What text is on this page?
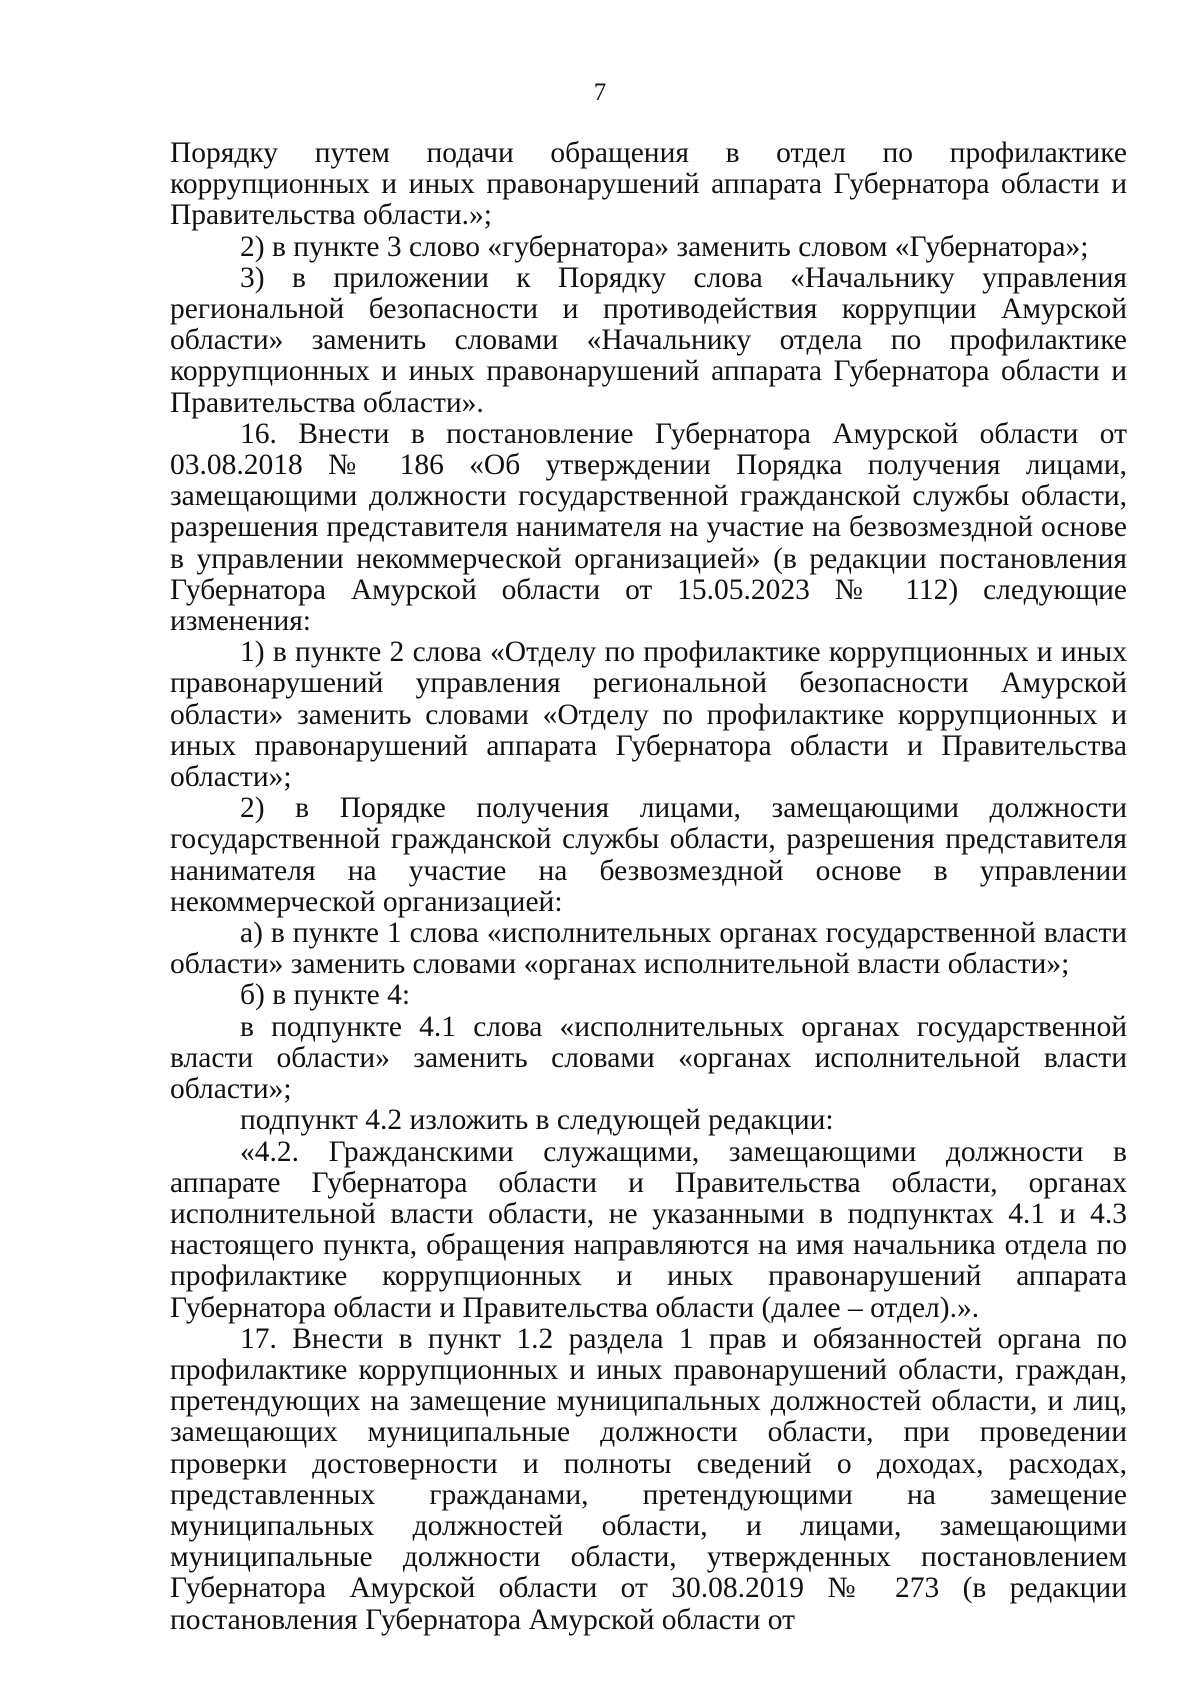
7

Порядку путем подачи обращения в отдел по профилактике коррупционных и иных правонарушений аппарата Губернатора области и Правительства области.»;

2) в пункте 3 слово «губернатора» заменить словом «Губернатора»;

3) в приложении к Порядку слова «Начальнику управления региональной безопасности и противодействия коррупции Амурской области» заменить словами «Начальнику отдела по профилактике коррупционных и иных правонарушений аппарата Губернатора области и Правительства области».

16. Внести в постановление Губернатора Амурской области от 03.08.2018 № 186 «Об утверждении Порядка получения лицами, замещающими должности государственной гражданской службы области, разрешения представителя нанимателя на участие на безвозмездной основе в управлении некоммерческой организацией» (в редакции постановления Губернатора Амурской области от 15.05.2023 № 112) следующие изменения:

1) в пункте 2 слова «Отделу по профилактике коррупционных и иных правонарушений управления региональной безопасности Амурской области» заменить словами «Отделу по профилактике коррупционных и иных правонарушений аппарата Губернатора области и Правительства области»;

2) в Порядке получения лицами, замещающими должности государственной гражданской службы области, разрешения представителя нанимателя на участие на безвозмездной основе в управлении некоммерческой организацией:

а) в пункте 1 слова «исполнительных органах государственной власти области» заменить словами «органах исполнительной власти области»;

б) в пункте 4:

в подпункте 4.1 слова «исполнительных органах государственной власти области» заменить словами «органах исполнительной власти области»;

подпункт 4.2 изложить в следующей редакции:

«4.2. Гражданскими служащими, замещающими должности в аппарате Губернатора области и Правительства области, органах исполнительной власти области, не указанными в подпунктах 4.1 и 4.3 настоящего пункта, обращения направляются на имя начальника отдела по профилактике коррупционных и иных правонарушений аппарата Губернатора области и Правительства области (далее – отдел).».

17. Внести в пункт 1.2 раздела 1 прав и обязанностей органа по профилактике коррупционных и иных правонарушений области, граждан, претендующих на замещение муниципальных должностей области, и лиц, замещающих муниципальные должности области, при проведении проверки достоверности и полноты сведений о доходах, расходах, представленных гражданами, претендующими на замещение муниципальных должностей области, и лицами, замещающими муниципальные должности области, утвержденных постановлением Губернатора Амурской области от 30.08.2019 № 273 (в редакции постановления Губернатора Амурской области от
